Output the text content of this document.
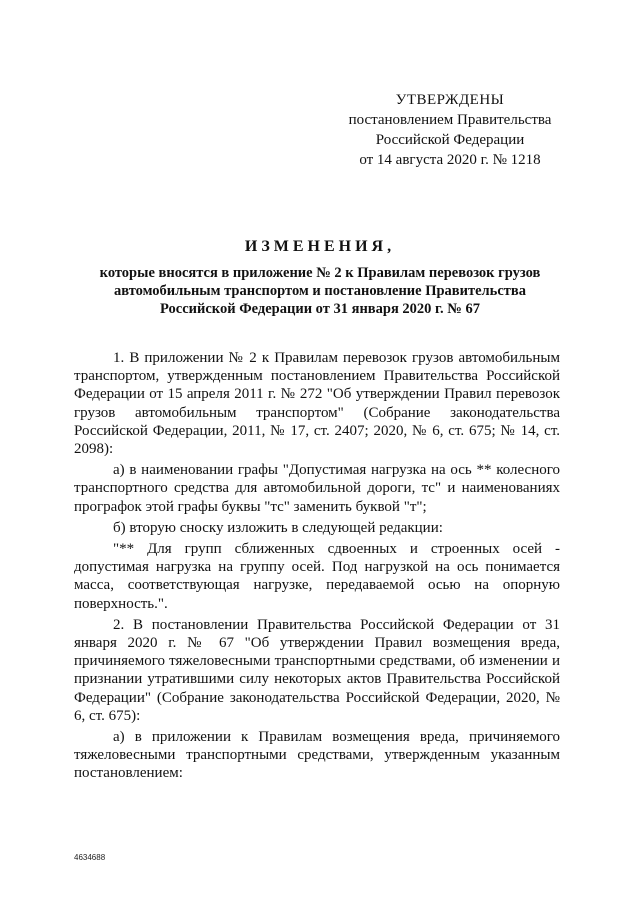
УТВЕРЖДЕНЫ
постановлением Правительства
Российской Федерации
от 14 августа 2020 г. № 1218
ИЗМЕНЕНИЯ,
которые вносятся в приложение № 2 к Правилам перевозок грузов
автомобильным транспортом и постановление Правительства
Российской Федерации от 31 января 2020 г. № 67

1. В приложении № 2 к Правилам перевозок грузов автомобильным транспортом, утвержденным постановлением Правительства Российской Федерации от 15 апреля 2011 г. № 272 "Об утверждении Правил перевозок грузов автомобильным транспортом" (Собрание законодательства Российской Федерации, 2011, № 17, ст. 2407; 2020, № 6, ст. 675; № 14, ст. 2098):

а) в наименовании графы "Допустимая нагрузка на ось ** колесного транспортного средства для автомобильной дороги, тс" и наименованиях прографок этой графы буквы "тс" заменить буквой "т";

б) вторую сноску изложить в следующей редакции:

"** Для групп сближенных сдвоенных и строенных осей - допустимая нагрузка на группу осей. Под нагрузкой на ось понимается масса, соответствующая нагрузке, передаваемой осью на опорную поверхность.".

2. В постановлении Правительства Российской Федерации от 31 января 2020 г. № 67 "Об утверждении Правил возмещения вреда, причиняемого тяжеловесными транспортными средствами, об изменении и признании утратившими силу некоторых актов Правительства Российской Федерации" (Собрание законодательства Российской Федерации, 2020, № 6, ст. 675):

а) в приложении к Правилам возмещения вреда, причиняемого тяжеловесными транспортными средствами, утвержденным указанным постановлением:

4634688
